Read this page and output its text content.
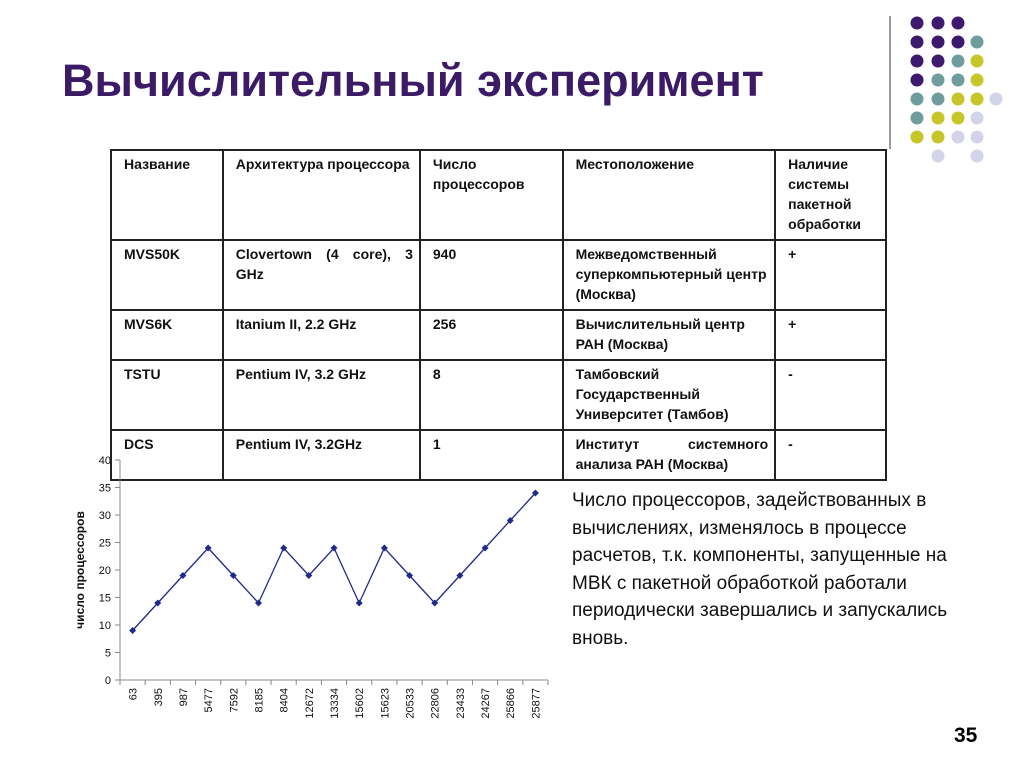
Вычислительный эксперимент
Название	Архитектура процессора	Число процессоров	Местоположение	Наличие системы пакетной обработки
MVS50K	Clovertown (4 core), 3 GHz	940	Межведомственный суперкомпьютерный центр (Москва)	+
MVS6K	Itanium II, 2.2 GHz	256	Вычислительный центр РАН (Москва)	+
TSTU	Pentium IV, 3.2 GHz	8	Тамбовский Государственный Университет (Тамбов)	-
DCS	Pentium IV, 3.2GHz	1	Институт системного анализа РАН (Москва)	-
0
5
10
15
20
25
30
35
40
63 395 987 5477 7592 8185 8404 12672 13334 15602 15623 20533 22806 23433 24267 25866 25877
число процессоров
Число процессоров, задействованных в вычислениях, изменялось в процессе расчетов, т.к. компоненты, запущенные на МВК с пакетной обработкой работали периодически завершались и запускались вновь.
35
